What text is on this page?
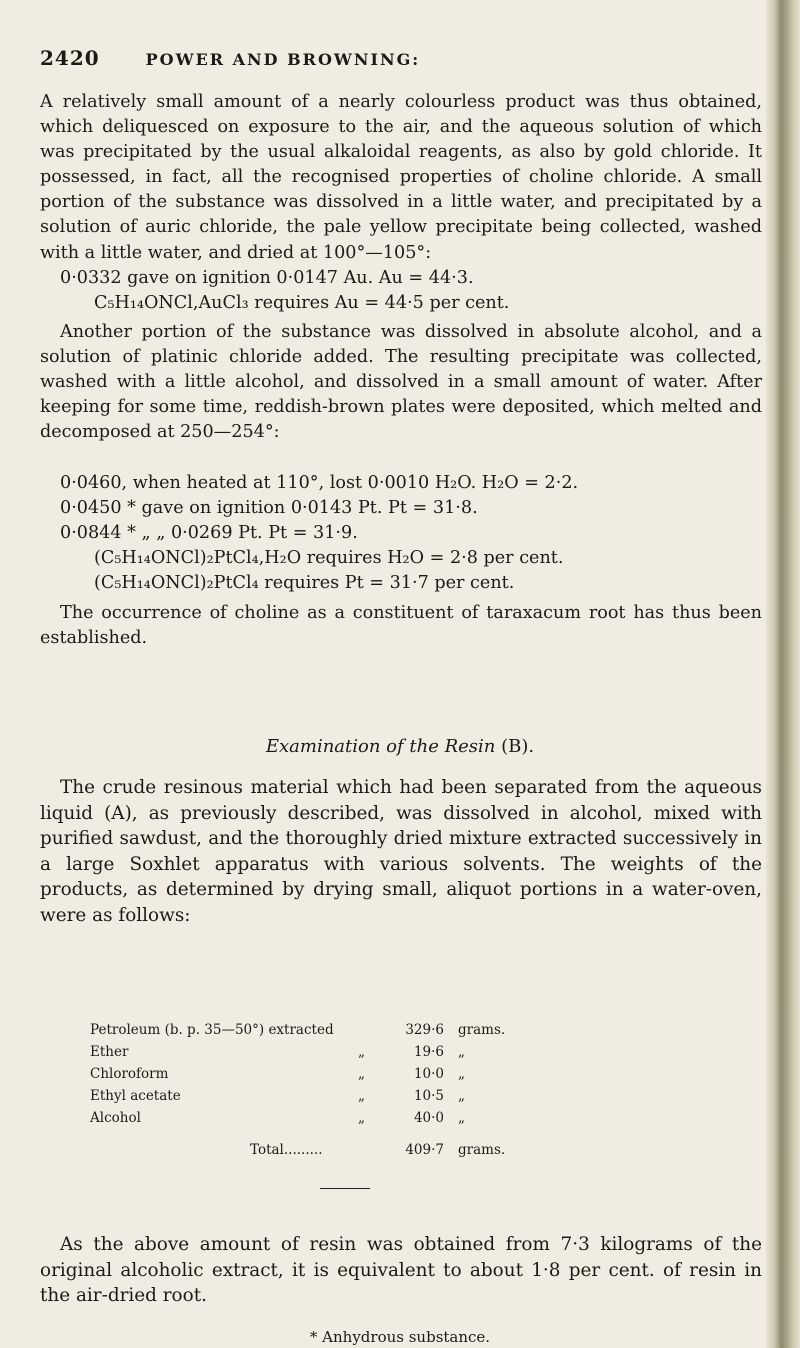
2420	POWER AND BROWNING:

A relatively small amount of a nearly colourless product was thus obtained, which deliquesced on exposure to the air, and the aqueous solution of which was precipitated by the usual alkaloidal reagents, as also by gold chloride. It possessed, in fact, all the recognised properties of choline chloride. A small portion of the substance was dissolved in a little water, and precipitated by a solution of auric chloride, the pale yellow precipitate being collected, washed with a little water, and dried at 100°—105°:

0·0332 gave on ignition 0·0147 Au. Au = 44·3.
C₅H₁₄ONCl,AuCl₃ requires Au = 44·5 per cent.

Another portion of the substance was dissolved in absolute alcohol, and a solution of platinic chloride added. The resulting precipitate was collected, washed with a little alcohol, and dissolved in a small amount of water. After keeping for some time, reddish-brown plates were deposited, which melted and decomposed at 250—254°:

0·0460, when heated at 110°, lost 0·0010 H₂O. H₂O = 2·2.
0·0450 * gave on ignition 0·0143 Pt. Pt = 31·8.
0·0844 * „ „ 0·0269 Pt. Pt = 31·9.
(C₅H₁₄ONCl)₂PtCl₄,H₂O requires H₂O = 2·8 per cent.
(C₅H₁₄ONCl)₂PtCl₄ requires Pt = 31·7 per cent.

The occurrence of choline as a constituent of taraxacum root has thus been established.

Examination of the Resin (B).

The crude resinous material which had been separated from the aqueous liquid (A), as previously described, was dissolved in alcohol, mixed with purified sawdust, and the thoroughly dried mixture extracted successively in a large Soxhlet apparatus with various solvents. The weights of the products, as determined by drying small, aliquot portions in a water-oven, were as follows:

Petroleum (b. p. 35—50°) extracted	329·6 grams.
Ether	„	19·6 „
Chloroform	„	10·0 „
Ethyl acetate	„	10·5 „
Alcohol	„	40·0 „
Total.........	409·7 grams.

As the above amount of resin was obtained from 7·3 kilograms of the original alcoholic extract, it is equivalent to about 1·8 per cent. of resin in the air-dried root.

* Anhydrous substance.
